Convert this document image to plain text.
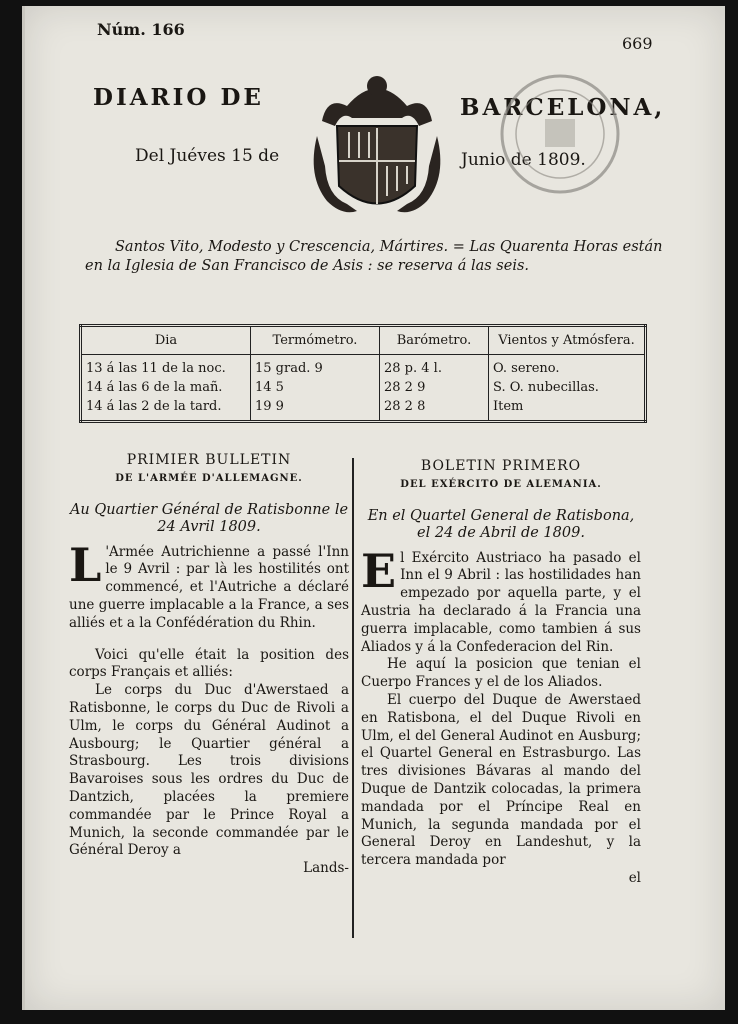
Núm. 166
669
DIARIO DE	BARCELONA,
Del Juéves 15 de	Junio de 1809.
Santos Vito, Modesto y Crescencia, Mártires. = Las Quarenta Horas están en la Iglesia de San Francisco de Asis : se reserva á las seis.
Dia	Termómetro.	Barómetro.	Vientos y Atmósfera.
13 á las 11 de la noc.	15 grad. 9	28 p. 4 l.	O. sereno.
14 á las 6 de la mañ.	14 5	28 2 9	S. O. nubecillas.
14 á las 2 de la tard.	19 9	28 2 8	Item
PRIMIER BULLETIN
DE L'ARMÉE D'ALLEMAGNE.
Au Quartier Général de Ratisbonne le 24 Avril 1809.

L 'Armée Autrichienne a passé l'Inn le 9 Avril : par là les hostilités ont commencé, et l'Autriche a déclaré une guerre implacable a la France, a ses alliés et a la Confédération du Rhin.

Voici qu'elle était la position des corps Français et alliés:

Le corps du Duc d'Awerstaed a Ratisbonne, le corps du Duc de Rivoli a Ulm, le corps du Général Audinot a Ausbourg; le Quartier général a Strasbourg. Les trois divisions Bavaroises sous les ordres du Duc de Dantzich, placées la premiere commandée par le Prince Royal a Munich, la seconde commandée par le Général Deroy a

Lands-

BOLETIN PRIMERO
DEL EXÉRCITO DE ALEMANIA.
En el Quartel General de Ratisbona, el 24 de Abril de 1809.

El Exército Austriaco ha pasado el Inn el 9 Abril : las hostilidades han empezado por aquella parte, y el Austria ha declarado á la Francia una guerra implacable, como tambien á sus Aliados y á la Confederacion del Rin.

He aquí la posicion que tenian el Cuerpo Frances y el de los Aliados.

El cuerpo del Duque de Awerstaed en Ratisbona, el del Duque Rivoli en Ulm, el del General Audinot en Ausburg; el Quartel General en Estrasburgo. Las tres divisiones Bávaras al mando del Duque de Dantzik colocadas, la primera mandada por el Príncipe Real en Munich, la segunda mandada por el General Deroy en Landeshut, y la tercera mandada por

el
